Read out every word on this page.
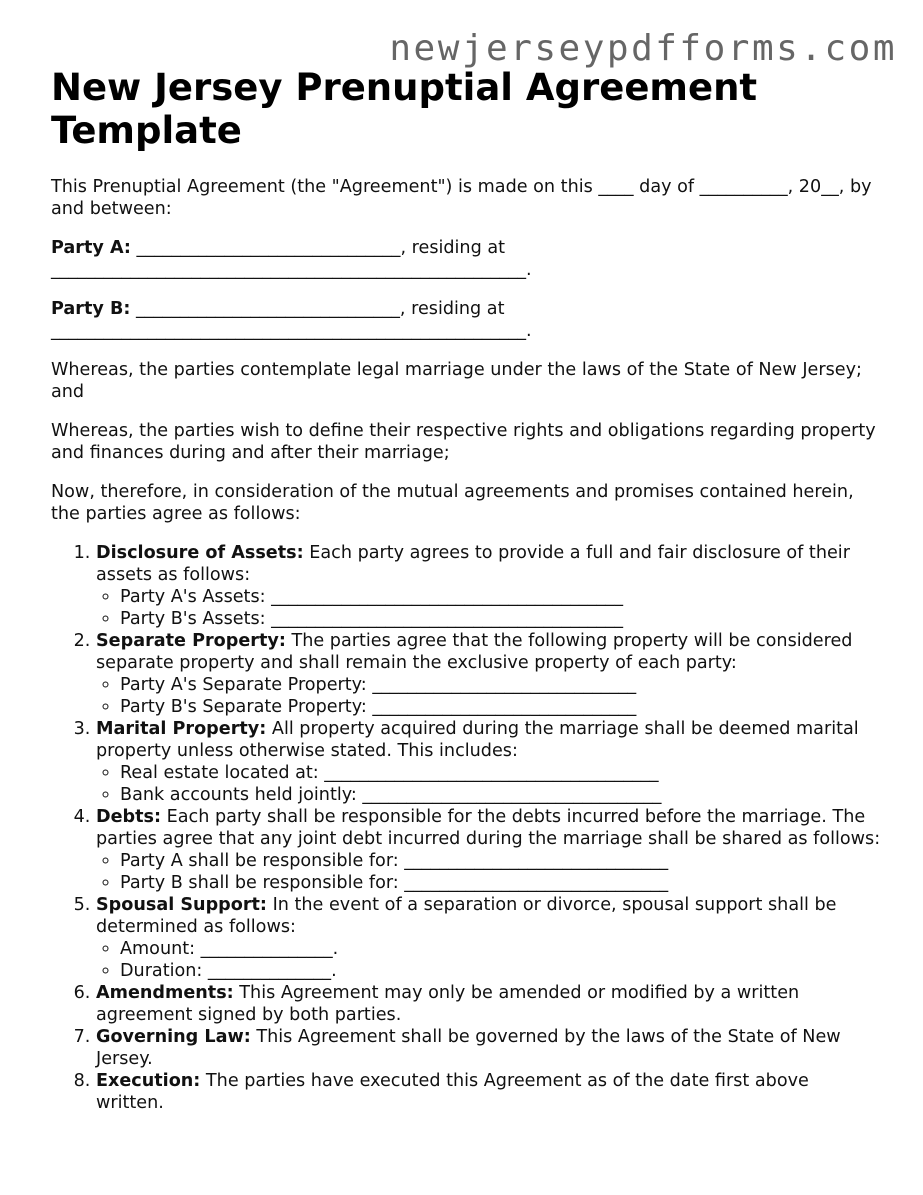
newjerseypdfforms.com
New Jersey Prenuptial Agreement Template

This Prenuptial Agreement (the "Agreement") is made on this ____ day of __________, 20__, by and between:

Party A: ______________________________, residing at ______________________________________________________.

Party B: ______________________________, residing at ______________________________________________________.

Whereas, the parties contemplate legal marriage under the laws of the State of New Jersey; and

Whereas, the parties wish to define their respective rights and obligations regarding property and finances during and after their marriage;

Now, therefore, in consideration of the mutual agreements and promises contained herein, the parties agree as follows:

1. Disclosure of Assets: Each party agrees to provide a full and fair disclosure of their assets as follows:
◦ Party A's Assets: ________________________________________
◦ Party B's Assets: ________________________________________
2. Separate Property: The parties agree that the following property will be considered separate property and shall remain the exclusive property of each party:
◦ Party A's Separate Property: ______________________________
◦ Party B's Separate Property: ______________________________
3. Marital Property: All property acquired during the marriage shall be deemed marital property unless otherwise stated. This includes:
◦ Real estate located at: ______________________________________
◦ Bank accounts held jointly: __________________________________
4. Debts: Each party shall be responsible for the debts incurred before the marriage. The parties agree that any joint debt incurred during the marriage shall be shared as follows:
◦ Party A shall be responsible for: ______________________________
◦ Party B shall be responsible for: ______________________________
5. Spousal Support: In the event of a separation or divorce, spousal support shall be determined as follows:
◦ Amount: _______________.
◦ Duration: ______________.
6. Amendments: This Agreement may only be amended or modified by a written agreement signed by both parties.
7. Governing Law: This Agreement shall be governed by the laws of the State of New Jersey.
8. Execution: The parties have executed this Agreement as of the date first above written.
